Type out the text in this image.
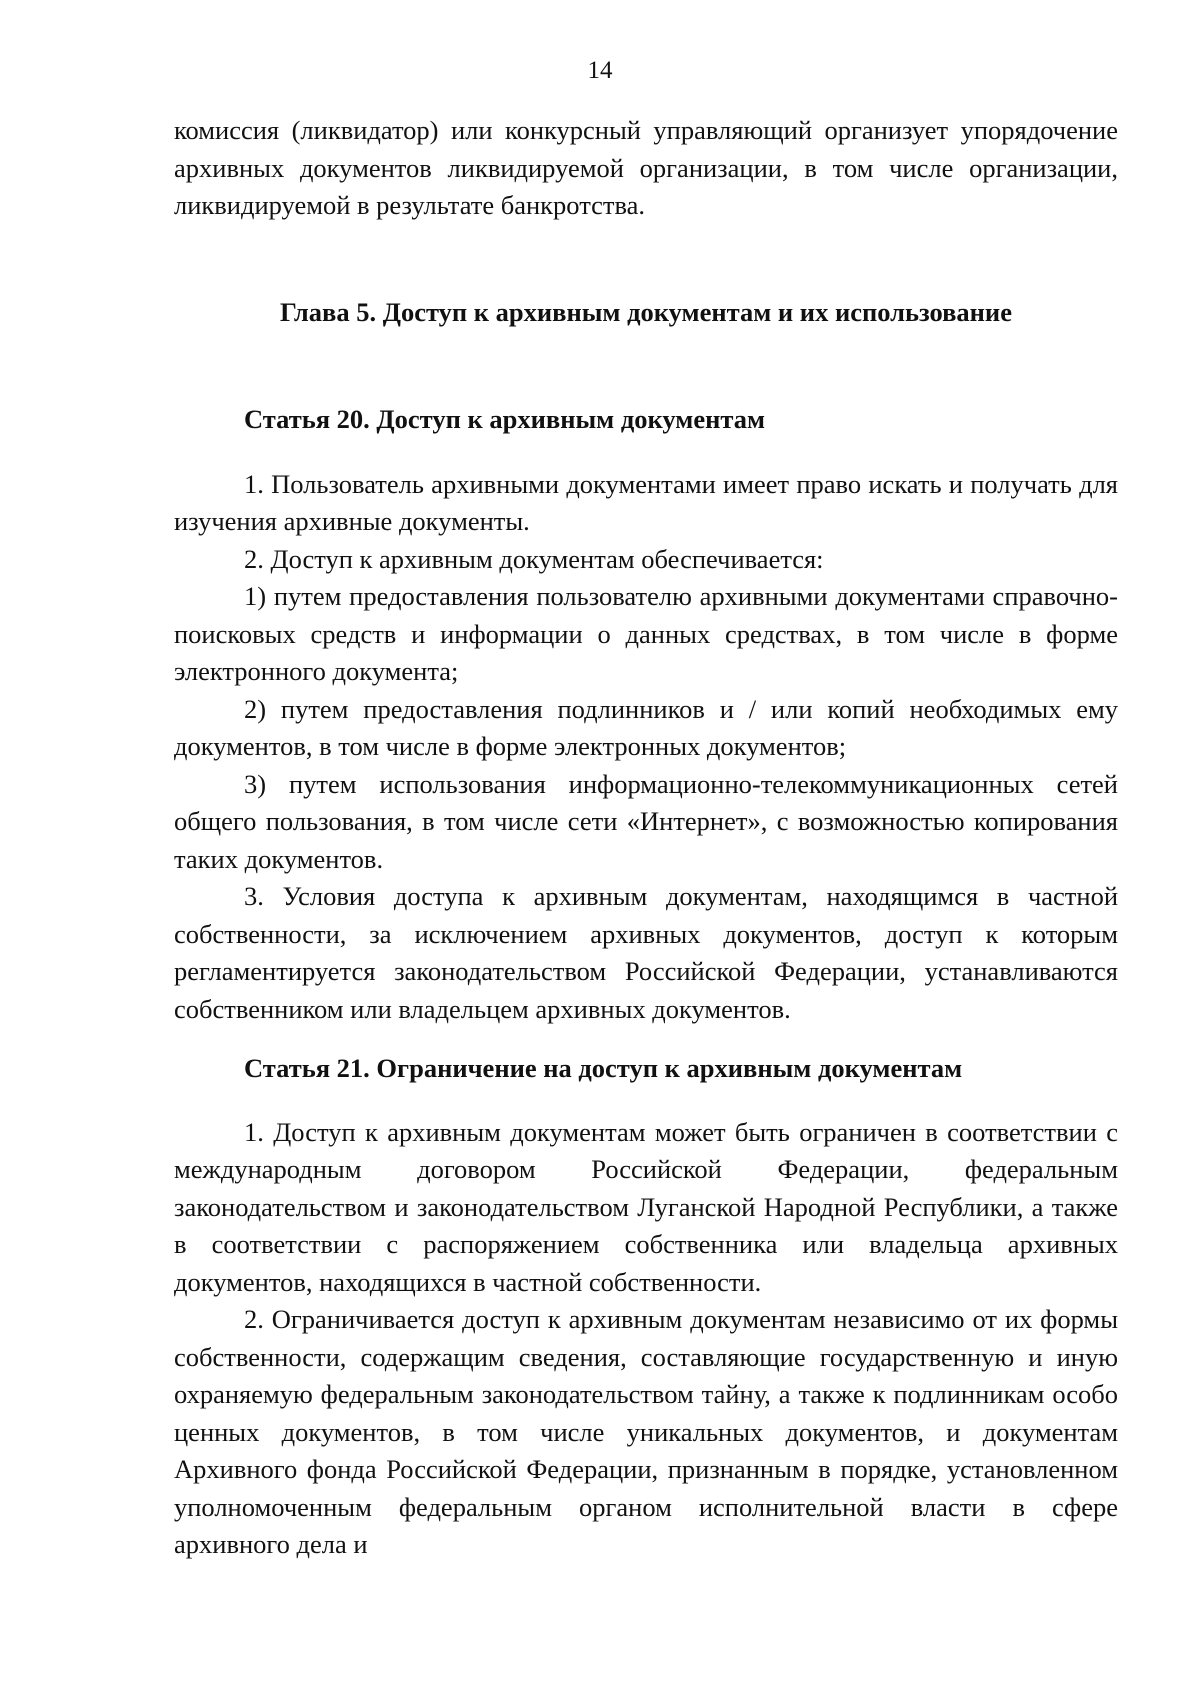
14

комиссия (ликвидатор) или конкурсный управляющий организует упорядочение архивных документов ликвидируемой организации, в том числе организации, ликвидируемой в результате банкротства.

Глава 5. Доступ к архивным документам и их использование
Статья 20. Доступ к архивным документам

1. Пользователь архивными документами имеет право искать и получать для изучения архивные документы.

2. Доступ к архивным документам обеспечивается:

1) путем предоставления пользователю архивными документами справочно-поисковых средств и информации о данных средствах, в том числе в форме электронного документа;

2) путем предоставления подлинников и / или копий необходимых ему документов, в том числе в форме электронных документов;

3) путем использования информационно-телекоммуникационных сетей общего пользования, в том числе сети «Интернет», с возможностью копирования таких документов.

3. Условия доступа к архивным документам, находящимся в частной собственности, за исключением архивных документов, доступ к которым регламентируется законодательством Российской Федерации, устанавливаются собственником или владельцем архивных документов.

Статья 21. Ограничение на доступ к архивным документам

1. Доступ к архивным документам может быть ограничен в соответствии с международным договором Российской Федерации, федеральным законодательством и законодательством Луганской Народной Республики, а также в соответствии с распоряжением собственника или владельца архивных документов, находящихся в частной собственности.

2. Ограничивается доступ к архивным документам независимо от их формы собственности, содержащим сведения, составляющие государственную и иную охраняемую федеральным законодательством тайну, а также к подлинникам особо ценных документов, в том числе уникальных документов, и документам Архивного фонда Российской Федерации, признанным в порядке, установленном уполномоченным федеральным органом исполнительной власти в сфере архивного дела и
